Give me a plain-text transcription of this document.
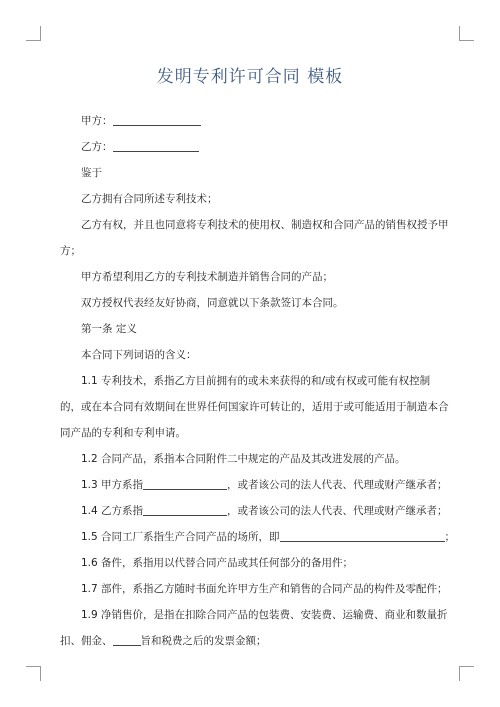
发明专利许可合同 模板
甲方：
乙方：
鉴于
乙方拥有合同所述专利技术；
乙方有权，并且也同意将专利技术的使用权、制造权和合同产品的销售权授予甲方；
甲方希望利用乙方的专利技术制造并销售合同的产品；
双方授权代表经友好协商，同意就以下条款签订本合同。
第一条 定义
本合同下列词语的含义：
1.1 专利技术，系指乙方目前拥有的或未来获得的和/或有权或可能有权控制的，或在本合同有效期间在世界任何国家许可转让的，适用于或可能适用于制造本合同产品的专利和专利申请。
1.2 合同产品，系指本合同附件二中规定的产品及其改进发展的产品。
1.3 甲方系指	，或者该公司的法人代表、代理或财产继承者；
1.4 乙方系指	，或者该公司的法人代表、代理或财产继承者；
1.5 合同工厂系指生产合同产品的场所，即	；
1.6 备件，系指用以代替合同产品或其任何部分的备用件；
1.7 部件，系指乙方随时书面允许甲方生产和销售的合同产品的构件及零配件；
1.9 净销售价，是指在扣除合同产品的包装费、安装费、运输费、商业和数量折扣、佣金、	旨和税费之后的发票金额；
